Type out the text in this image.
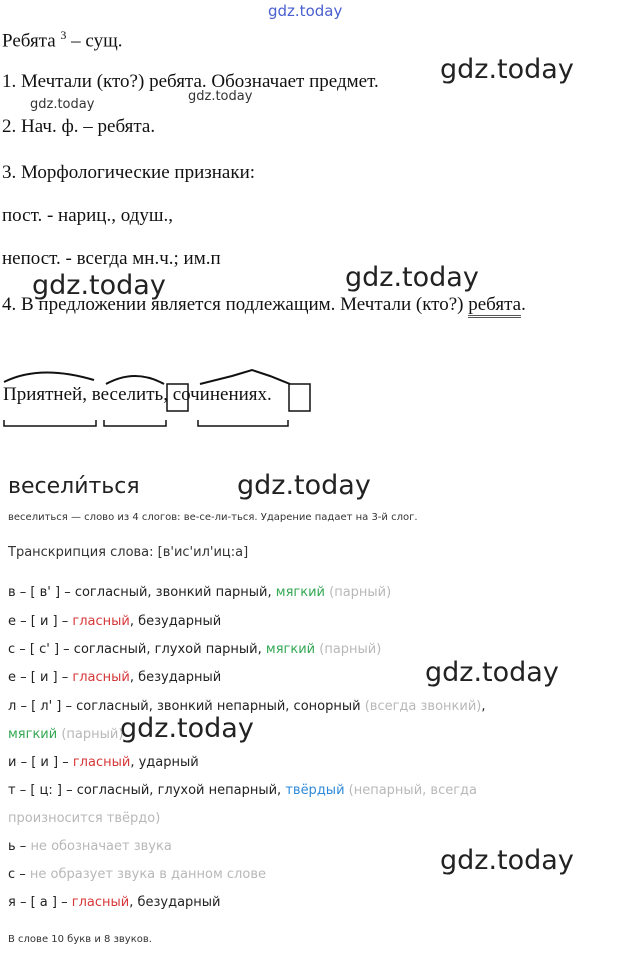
gdz.today
gdz.today
gdz.today
gdz.today
gdz.today
gdz.today
gdz.today
gdz.today
gdz.today
gdz.today
Ребята $^3$ – сущ.
1. Мечтали (кто?) ребята. Обозначает предмет.
2. Нач. ф. – ребята.
3. Морфологические признаки:
пост. - нариц., одуш.,
непост. - всегда мн.ч.; им.п
4. В предложении является подлежащим. Мечтали (кто?) ребята.
Приятней, веселить, сочинениях.
весели́ться
веселиться — слово из 4 слогов: ве-се-ли-ться. Ударение падает на 3-й слог.
Транскрипция слова: [в'ис'ил'иц:а]
в – [ в' ] – согласный, звонкий парный, мягкий (парный)
е – [ и ] – гласный, безударный
с – [ с' ] – согласный, глухой парный, мягкий (парный)
е – [ и ] – гласный, безударный
л – [ л' ] – согласный, звонкий непарный, сонорный (всегда звонкий),
мягкий (парный)
и – [ и ] – гласный, ударный
т – [ ц: ] – согласный, глухой непарный, твёрдый (непарный, всегда
произносится твёрдо)
ь – не обозначает звука
с – не образует звука в данном слове
я – [ а ] – гласный, безударный
В слове 10 букв и 8 звуков.
